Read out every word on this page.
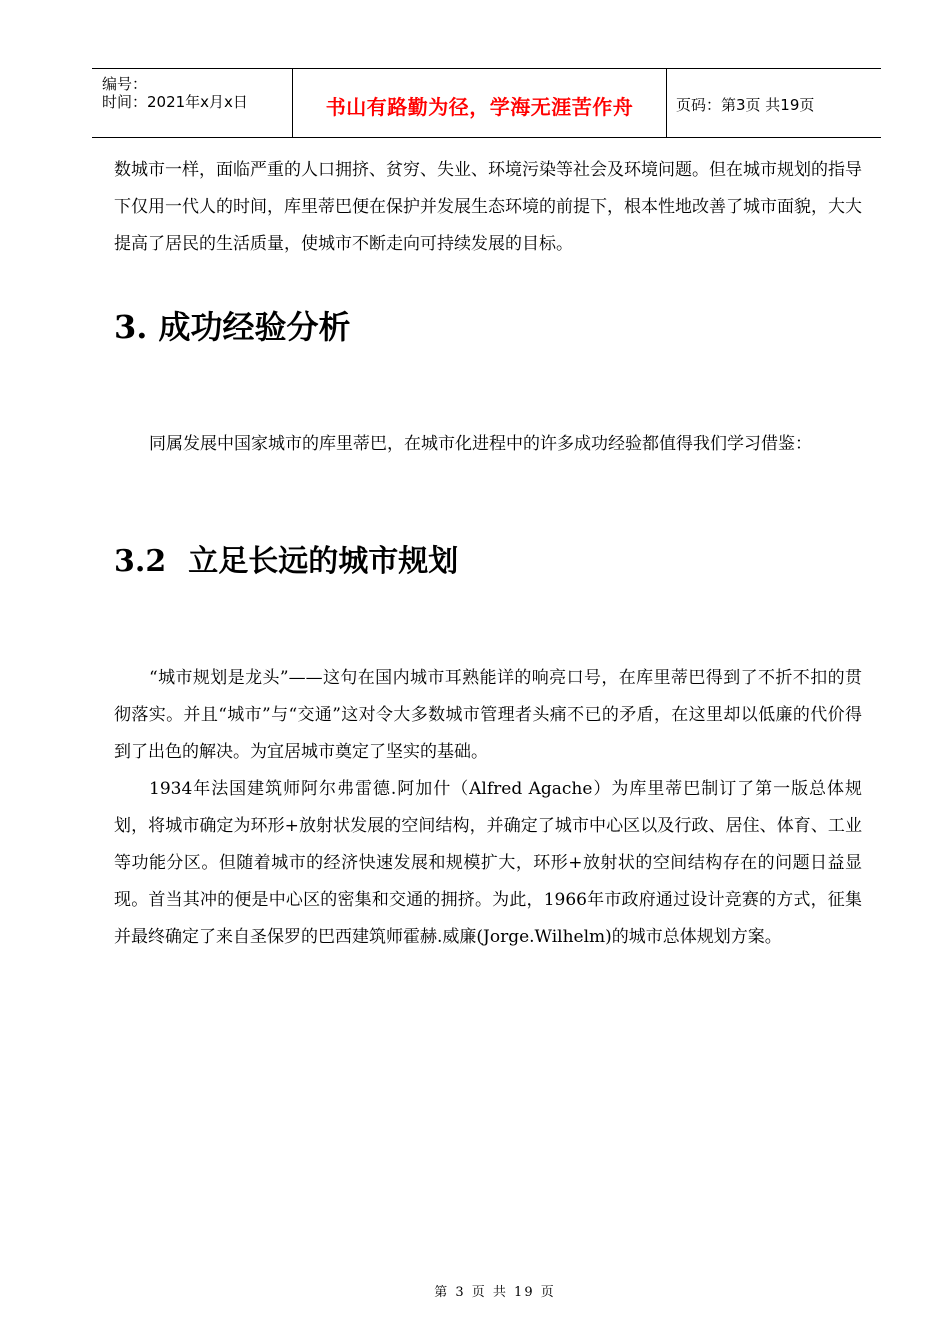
编号：
时间：2021年x月x日	书山有路勤为径，学海无涯苦作舟	页码：第3页 共19页

数城市一样，面临严重的人口拥挤、贫穷、失业、环境污染等社会及环境问题。但在城市规划的指导下仅用一代人的时间，库里蒂巴便在保护并发展生态环境的前提下，根本性地改善了城市面貌，大大提高了居民的生活质量，使城市不断走向可持续发展的目标。

3. 成功经验分析

同属发展中国家城市的库里蒂巴，在城市化进程中的许多成功经验都值得我们学习借鉴：

3.2 立足长远的城市规划

“城市规划是龙头”——这句在国内城市耳熟能详的响亮口号，在库里蒂巴得到了不折不扣的贯彻落实。并且“城市”与“交通”这对令大多数城市管理者头痛不已的矛盾，在这里却以低廉的代价得到了出色的解决。为宜居城市奠定了坚实的基础。

1934年法国建筑师阿尔弗雷德.阿加什（Alfred Agache）为库里蒂巴制订了第一版总体规划，将城市确定为环形+放射状发展的空间结构，并确定了城市中心区以及行政、居住、体育、工业等功能分区。但随着城市的经济快速发展和规模扩大，环形+放射状的空间结构存在的问题日益显现。首当其冲的便是中心区的密集和交通的拥挤。为此，1966年市政府通过设计竞赛的方式，征集并最终确定了来自圣保罗的巴西建筑师霍赫.威廉(Jorge.Wilhelm)的城市总体规划方案。

第 3 页 共 19 页
